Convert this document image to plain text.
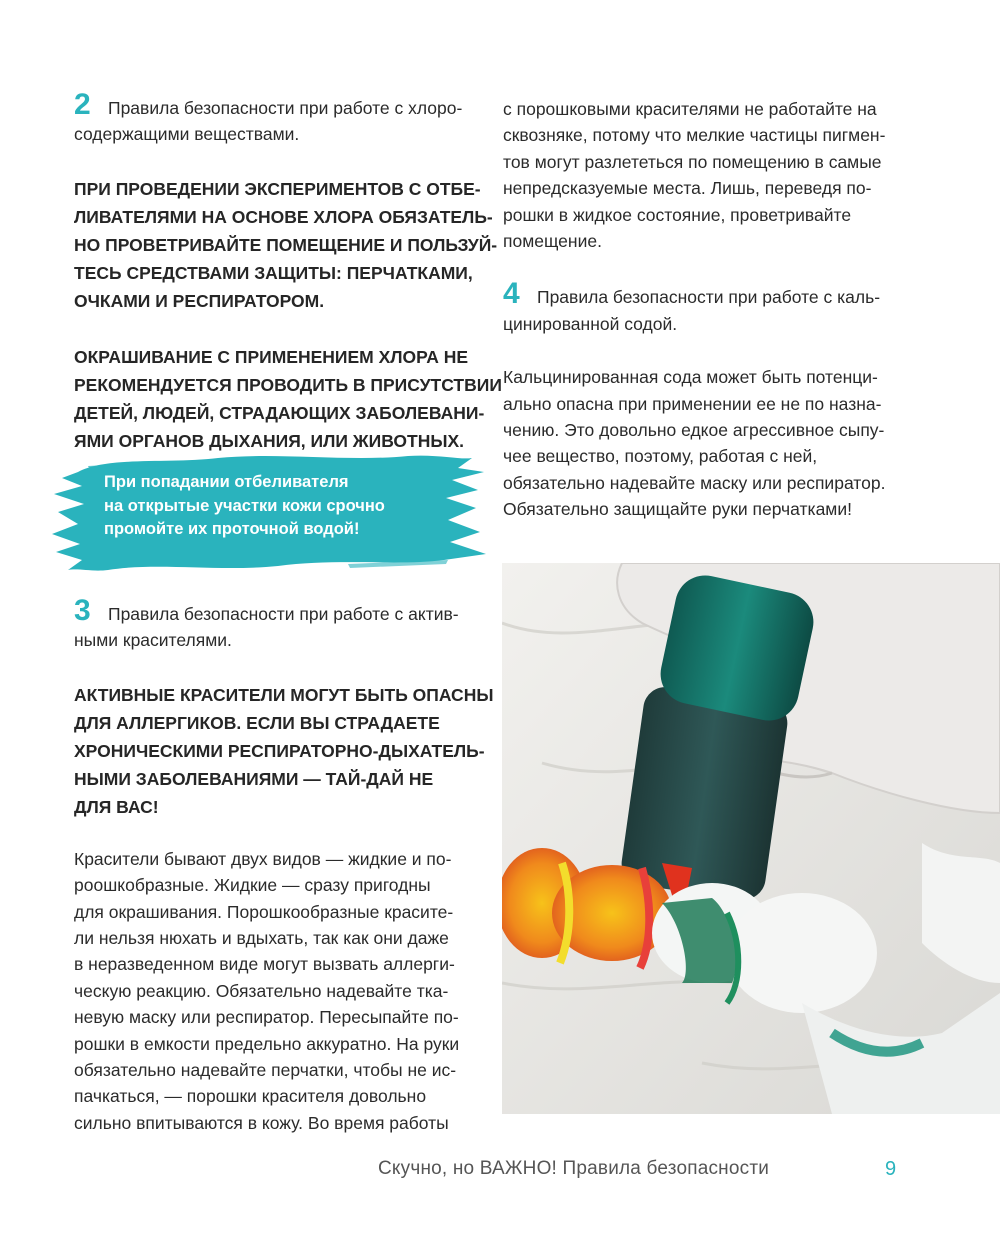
2 Правила безопасности при работе с хлоро-
содержащими веществами.
ПРИ ПРОВЕДЕНИИ ЭКСПЕРИМЕНТОВ С ОТБЕ-
ЛИВАТЕЛЯМИ НА ОСНОВЕ ХЛОРА ОБЯЗАТЕЛЬ-
НО ПРОВЕТРИВАЙТЕ ПОМЕЩЕНИЕ И ПОЛЬЗУЙ-
ТЕСЬ СРЕДСТВАМИ ЗАЩИТЫ: ПЕРЧАТКАМИ,
ОЧКАМИ И РЕСПИРАТОРОМ.
ОКРАШИВАНИЕ С ПРИМЕНЕНИЕМ ХЛОРА НЕ
РЕКОМЕНДУЕТСЯ ПРОВОДИТЬ В ПРИСУТСТВИИ
ДЕТЕЙ, ЛЮДЕЙ, СТРАДАЮЩИХ ЗАБОЛЕВАНИ-
ЯМИ ОРГАНОВ ДЫХАНИЯ, ИЛИ ЖИВОТНЫХ.
При попадании отбеливателя
на открытые участки кожи срочно
промойте их проточной водой!
3 Правила безопасности при работе с актив-
ными красителями.
АКТИВНЫЕ КРАСИТЕЛИ МОГУТ БЫТЬ ОПАСНЫ
ДЛЯ АЛЛЕРГИКОВ. ЕСЛИ ВЫ СТРАДАЕТЕ
ХРОНИЧЕСКИМИ РЕСПИРАТОРНО-ДЫХАТЕЛЬ-
НЫМИ ЗАБОЛЕВАНИЯМИ — ТАЙ-ДАЙ НЕ
ДЛЯ ВАС!
Красители бывают двух видов — жидкие и по-
роошкобразные. Жидкие — сразу пригодны
для окрашивания. Порошкообразные красите-
ли нельзя нюхать и вдыхать, так как они даже
в неразведенном виде могут вызвать аллерги-
ческую реакцию. Обязательно надевайте тка-
невую маску или респиратор. Пересыпайте по-
рошки в емкости предельно аккуратно. На руки
обязательно надевайте перчатки, чтобы не ис-
пачкаться, — порошки красителя довольно
сильно впитываются в кожу. Во время работы
с порошковыми красителями не работайте на
сквозняке, потому что мелкие частицы пигмен-
тов могут разлететься по помещению в самые
непредсказуемые места. Лишь, переведя по-
рошки в жидкое состояние, проветривайте
помещение.
4 Правила безопасности при работе с каль-
цинированной содой.
Кальцинированная сода может быть потенци-
ально опасна при применении ее не по назна-
чению. Это довольно едкое агрессивное сыпу-
чее вещество, поэтому, работая с ней,
обязательно надевайте маску или респиратор.
Обязательно защищайте руки перчатками!
Скучно, но ВАЖНО! Правила безопасности	9
